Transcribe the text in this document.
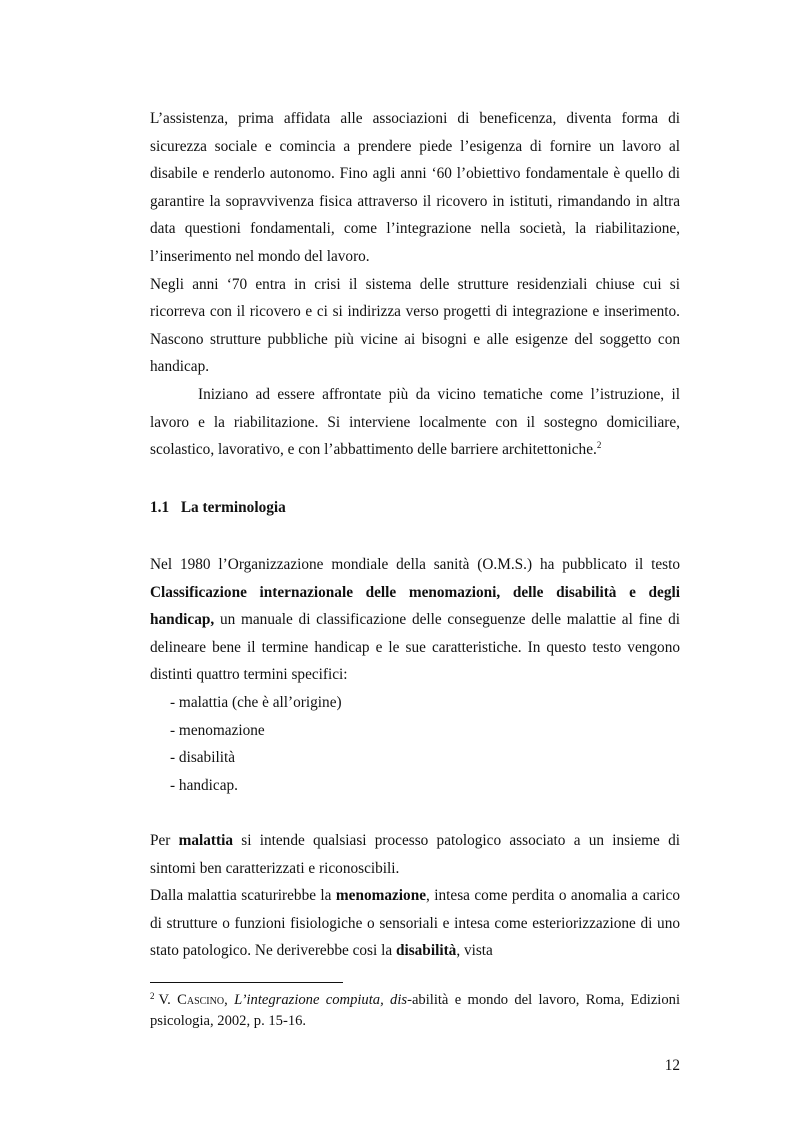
L’assistenza, prima affidata alle associazioni di beneficenza, diventa forma di sicurezza sociale e comincia a prendere piede l’esigenza di fornire un lavoro al disabile e renderlo autonomo. Fino agli anni ‘60 l’obiettivo fondamentale è quello di garantire la sopravvivenza fisica attraverso il ricovero in istituti, rimandando in altra data questioni fondamentali, come l’integrazione nella società, la riabilitazione, l’inserimento nel mondo del lavoro.

Negli anni ‘70 entra in crisi il sistema delle strutture residenziali chiuse cui si ricorreva con il ricovero e ci si indirizza verso progetti di integrazione e inserimento. Nascono strutture pubbliche più vicine ai bisogni e alle esigenze del soggetto con handicap.

Iniziano ad essere affrontate più da vicino tematiche come l’istruzione, il lavoro e la riabilitazione. Si interviene localmente con il sostegno domiciliare, scolastico, lavorativo, e con l’abbattimento delle barriere architettoniche.$^2$

1.1 La terminologia

Nel 1980 l’Organizzazione mondiale della sanità (O.M.S.) ha pubblicato il testo Classificazione internazionale delle menomazioni, delle disabilità e degli handicap, un manuale di classificazione delle conseguenze delle malattie al fine di delineare bene il termine handicap e le sue caratteristiche. In questo testo vengono distinti quattro termini specifici:

- malattia (che è all’origine)
- menomazione
- disabilità
- handicap.

Per malattia si intende qualsiasi processo patologico associato a un insieme di sintomi ben caratterizzati e riconoscibili.

Dalla malattia scaturirebbe la menomazione, intesa come perdita o anomalia a carico di strutture o funzioni fisiologiche o sensoriali e intesa come esteriorizzazione di uno stato patologico. Ne deriverebbe cosi la disabilità, vista

$^2$ V. Cascino, L’integrazione compiuta, dis-abilità e mondo del lavoro, Roma, Edizioni psicologia, 2002, p. 15-16.

12
